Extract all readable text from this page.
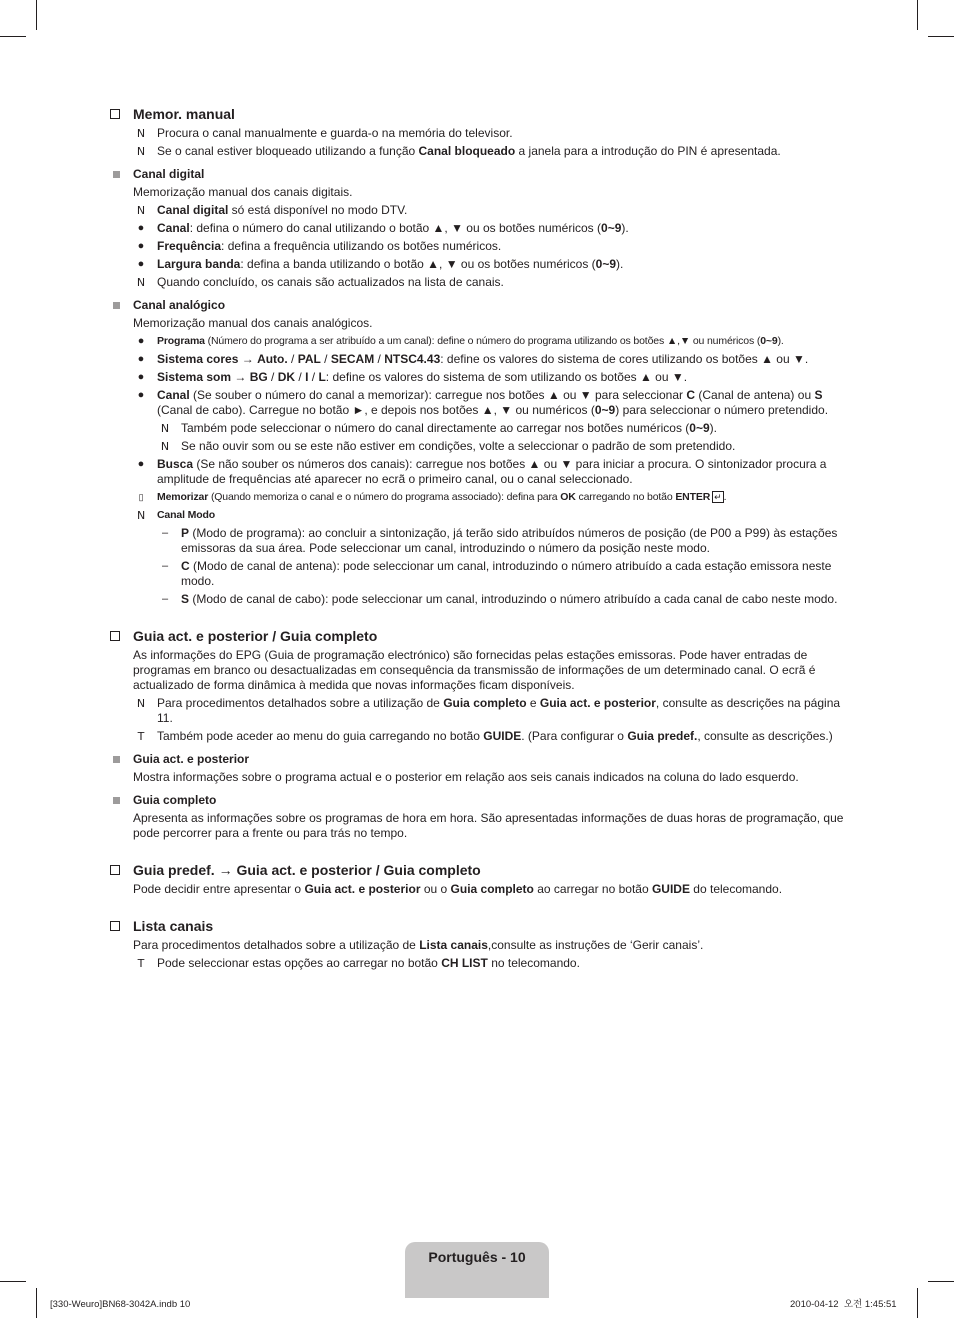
Memor. manual
N Procura o canal manualmente e guarda-o na memória do televisor.
N Se o canal estiver bloqueado utilizando a função Canal bloqueado a janela para a introdução do PIN é apresentada.
Canal digital
Memorização manual dos canais digitais.
N Canal digital só está disponível no modo DTV.
●	Canal: defina o número do canal utilizando o botão ▲, ▼ ou os botões numéricos (0~9).
●	Frequência: defina a frequência utilizando os botões numéricos.
●	Largura banda: defina a banda utilizando o botão ▲, ▼ ou os botões numéricos (0~9).
N Quando concluído, os canais são actualizados na lista de canais.
Canal analógico
Memorização manual dos canais analógicos.
●	Programa (Número do programa a ser atribuído a um canal): define o número do programa utilizando os botões ▲,▼ ou numéricos (0~9).
●	Sistema cores → Auto. / PAL / SECAM / NTSC4.43: define os valores do sistema de cores utilizando os botões ▲ ou ▼.
●	Sistema som → BG / DK / I / L: define os valores do sistema de som utilizando os botões ▲ ou ▼.
●	Canal (Se souber o número do canal a memorizar): carregue nos botões ▲ ou ▼ para seleccionar C (Canal de antena) ou S (Canal de cabo). Carregue no botão ►, e depois nos botões ▲, ▼ ou numéricos (0~9) para seleccionar o número pretendido.
N Também pode seleccionar o número do canal directamente ao carregar nos botões numéricos (0~9).
N Se não ouvir som ou se este não estiver em condições, volte a seleccionar o padrão de som pretendido.
●	Busca (Se não souber os números dos canais): carregue nos botões ▲ ou ▼ para iniciar a procura. O sintonizador procura a amplitude de frequências até aparecer no ecrã o primeiro canal, ou o canal seleccionado.
▯	Memorizar (Quando memoriza o canal e o número do programa associado): defina para OK carregando no botão ENTER ↵ .
N	Canal Modo
–	P (Modo de programa): ao concluir a sintonização, já terão sido atribuídos números de posição (de P00 a P99) às estações emissoras da sua área. Pode seleccionar um canal, introduzindo o número da posição neste modo.
–	C (Modo de canal de antena): pode seleccionar um canal, introduzindo o número atribuído a cada estação emissora neste modo.
–	S (Modo de canal de cabo): pode seleccionar um canal, introduzindo o número atribuído a cada canal de cabo neste modo.
Guia act. e posterior / Guia completo
As informações do EPG (Guia de programação electrónico) são fornecidas pelas estações emissoras. Pode haver entradas de programas em branco ou desactualizadas em consequência da transmissão de informações de um determinado canal. O ecrã é actualizado de forma dinâmica à medida que novas informações ficam disponíveis.
N Para procedimentos detalhados sobre a utilização de Guia completo e Guia act. e posterior, consulte as descrições na página 11.
T	Também pode aceder ao menu do guia carregando no botão GUIDE. (Para configurar o Guia predef., consulte as descrições.)
Guia act. e posterior
Mostra informações sobre o programa actual e o posterior em relação aos seis canais indicados na coluna do lado esquerdo.
Guia completo
Apresenta as informações sobre os programas de hora em hora. São apresentadas informações de duas horas de programação, que pode percorrer para a frente ou para trás no tempo.
Guia predef. → Guia act. e posterior / Guia completo
Pode decidir entre apresentar o Guia act. e posterior ou o Guia completo ao carregar no botão GUIDE do telecomando.
Lista canais
Para procedimentos detalhados sobre a utilização de Lista canais,consulte as instruções de ‘Gerir canais’.
T	Pode seleccionar estas opções ao carregar no botão CH LIST no telecomando.
Português - 10
[330-Weuro]BN68-3042A.indb 10	2010-04-12  오전 1:45:51
